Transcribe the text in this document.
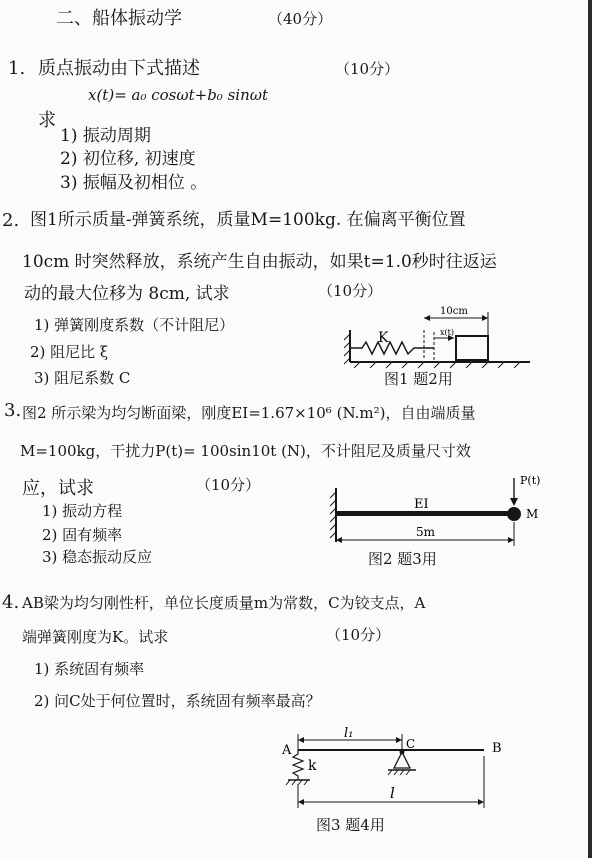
二、船体振动学	（40分）
1. 质点振动由下式描述	（10分）
x(t)= a₀ cosωt+b₀ sinωt
求
1) 振动周期
2) 初位移, 初速度
3) 振幅及初相位 。
2. 图1所示质量-弹簧系统，质量M=100kg. 在偏离平衡位置
10cm 时突然释放，系统产生自由振动，如果t=1.0秒时往返运
动的最大位移为 8cm, 试求	（10分）
1) 弹簧刚度系数（不计阻尼）
2) 阻尼比 ξ
3) 阻尼系数 C
K
10cm
x(t)
图1 题2用
3. 图2 所示梁为均匀断面梁，刚度EI=1.67×10⁶ (N.m²)，自由端质量
M=100kg，干扰力P(t)= 100sin10t (N)，不计阻尼及质量尺寸效
应，试求	（10分）
1) 振动方程
2) 固有频率
3) 稳态振动反应
EI
5m
P(t)
M
图2 题3用
4. AB梁为均匀刚性杆，单位长度质量m为常数，C为铰支点，A
端弹簧刚度为K。试求	（10分）
1) 系统固有频率
2) 问C处于何位置时，系统固有频率最高？
A	B
C
k
l₁
l
图3 题4用
